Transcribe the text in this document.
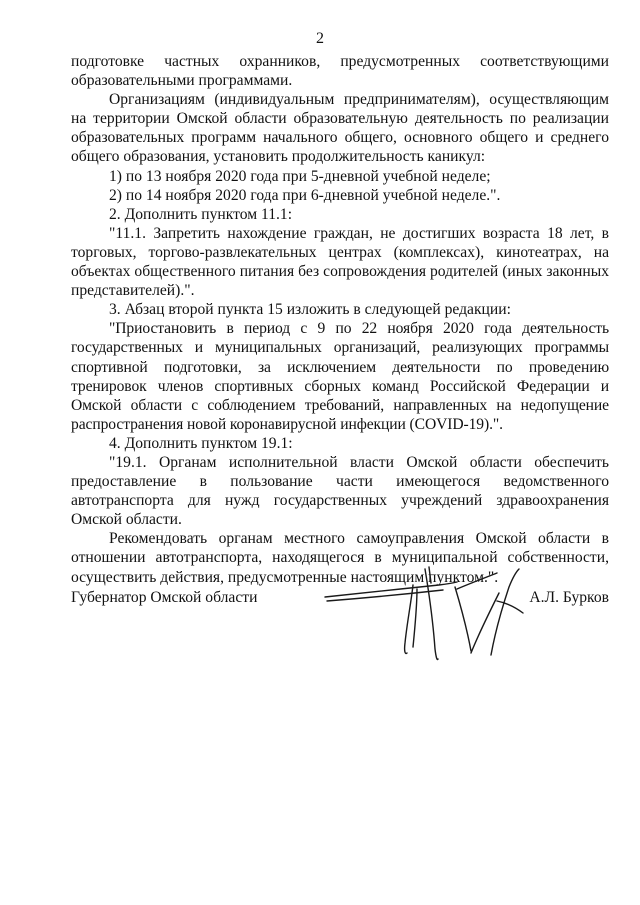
2

подготовке частных охранников, предусмотренных соответствующими образовательными программами.

Организациям (индивидуальным предпринимателям), осуществляющим на территории Омской области образовательную деятельность по реализации образовательных программ начального общего, основного общего и среднего общего образования, установить продолжительность каникул:

1) по 13 ноября 2020 года при 5-дневной учебной неделе;

2) по 14 ноября 2020 года при 6-дневной учебной неделе.".

2. Дополнить пунктом 11.1:

"11.1. Запретить нахождение граждан, не достигших возраста 18 лет, в торговых, торгово-развлекательных центрах (комплексах), кинотеатрах, на объектах общественного питания без сопровождения родителей (иных законных представителей).".

3. Абзац второй пункта 15 изложить в следующей редакции:

"Приостановить в период с 9 по 22 ноября 2020 года деятельность государственных и муниципальных организаций, реализующих программы спортивной подготовки, за исключением деятельности по проведению тренировок членов спортивных сборных команд Российской Федерации и Омской области с соблюдением требований, направленных на недопущение распространения новой коронавирусной инфекции (COVID-19).".

4. Дополнить пунктом 19.1:

"19.1. Органам исполнительной власти Омской области обеспечить предоставление в пользование части имеющегося ведомственного автотранспорта для нужд государственных учреждений здравоохранения Омской области.

Рекомендовать органам местного самоуправления Омской области в отношении автотранспорта, находящегося в муниципальной собственности, осуществить действия, предусмотренные настоящим пунктом.".

Губернатор Омской области	А.Л. Бурков
